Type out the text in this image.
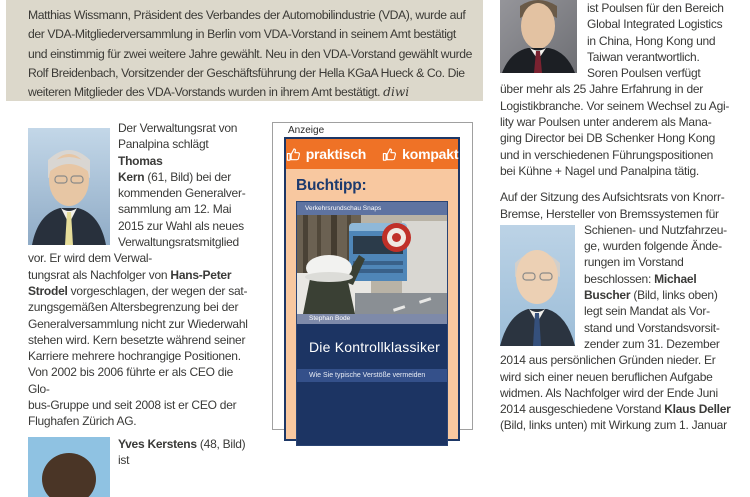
Matthias Wissmann, Präsident des Verbandes der Automobilindustrie (VDA), wurde auf
der VDA-Mitgliederversammlung in Berlin vom VDA-Vorstand in seinem Amt bestätigt
und einstimmig für zwei weitere Jahre gewählt. Neu in den VDA-Vorstand gewählt wurde
Rolf Breidenbach, Vorsitzender der Geschäftsführung der Hella KGaA Hueck & Co. Die
weiteren Mitglieder des VDA-Vorstands wurden in ihrem Amt bestätigt. diwi

Der Verwaltungsrat von
Panalpina schlägt Thomas
Kern (61, Bild) bei der
kommenden Generalver-
sammlung am 12. Mai
2015 zur Wahl als neues
Verwaltungsratsmitglied
vor. Er wird dem Verwal-
tungsrat als Nachfolger von Hans-Peter
Strodel vorgeschlagen, der wegen der sat-
zungsgemäßen Altersbegrenzung bei der
Generalversammlung nicht zur Wiederwahl
stehen wird. Kern besetzte während seiner
Karriere mehrere hochrangige Positionen.
Von 2002 bis 2006 führte er als CEO die Glo-
bus-Gruppe und seit 2008 ist er CEO der
Flughafen Zürich AG.

Yves Kerstens (48, Bild) ist

Anzeige
praktisch	kompakt
Buchtipp:
Verkehrsrundschau Snaps
Stephan Bode
Die Kontrollklassiker
Wie Sie typische Verstöße vermeiden

ist Poulsen für den Bereich
Global Integrated Logistics
in China, Hong Kong und
Taiwan verantwortlich.
Soren Poulsen verfügt
über mehr als 25 Jahre Erfahrung in der
Logistikbranche. Vor seinem Wechsel zu Agi-
lity war Poulsen unter anderem als Mana-
ging Director bei DB Schenker Hong Kong
und in verschiedenen Führungspositionen
bei Kühne + Nagel und Panalpina tätig.

Auf der Sitzung des Aufsichtsrats von Knorr-
Bremse, Hersteller von Bremssystemen für

Schienen- und Nutzfahrzeu-
ge, wurden folgende Ände-
rungen im Vorstand
beschlossen: Michael
Buscher (Bild, links oben)
legt sein Mandat als Vor-
stand und Vorstandsvorsit-
zender zum 31. Dezember
2014 aus persönlichen Gründen nieder. Er
wird sich einer neuen beruflichen Aufgabe
widmen. Als Nachfolger wird der Ende Juni
2014 ausgeschiedene Vorstand Klaus Deller
(Bild, links unten) mit Wirkung zum 1. Januar
